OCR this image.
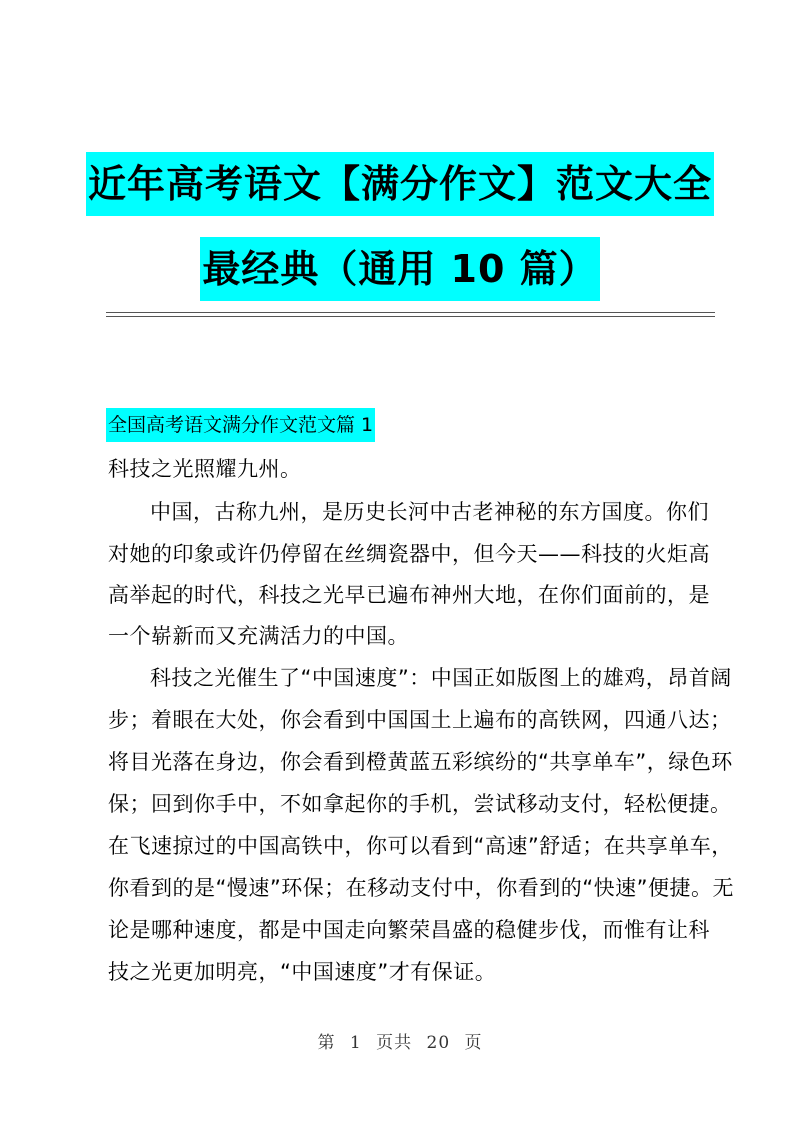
近年高考语文【满分作文】范文大全
最经典（通用 10 篇）
全国高考语文满分作文范文篇 1
科技之光照耀九州。
中国，古称九州，是历史长河中古老神秘的东方国度。你们
对她的印象或许仍停留在丝绸瓷器中，但今天——科技的火炬高
高举起的时代，科技之光早已遍布神州大地，在你们面前的，是
一个崭新而又充满活力的中国。
科技之光催生了“中国速度”：中国正如版图上的雄鸡，昂首阔
步；着眼在大处，你会看到中国国土上遍布的高铁网，四通八达；
将目光落在身边，你会看到橙黄蓝五彩缤纷的“共享单车”，绿色环
保；回到你手中，不如拿起你的手机，尝试移动支付，轻松便捷。
在飞速掠过的中国高铁中，你可以看到“高速”舒适；在共享单车，
你看到的是“慢速”环保；在移动支付中，你看到的“快速”便捷。无
论是哪种速度，都是中国走向繁荣昌盛的稳健步伐，而惟有让科
技之光更加明亮，“中国速度”才有保证。
第 1 页共 20 页
